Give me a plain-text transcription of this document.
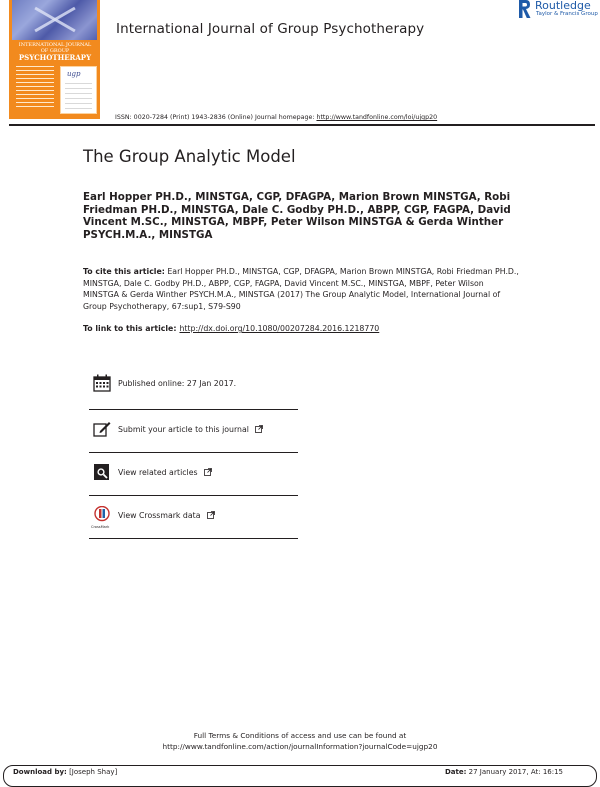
INTERNATIONAL JOURNAL OF GROUP
PSYCHOTHERAPY
ugp
International Journal of Group Psychotherapy
Routledge
Taylor & Francis Group
ISSN: 0020-7284 (Print) 1943-2836 (Online) Journal homepage: http://www.tandfonline.com/loi/ujgp20
The Group Analytic Model
Earl Hopper PH.D., MINSTGA, CGP, DFAGPA, Marion Brown MINSTGA, Robi Friedman PH.D., MINSTGA, Dale C. Godby PH.D., ABPP, CGP, FAGPA, David Vincent M.SC., MINSTGA, MBPF, Peter Wilson MINSTGA & Gerda Winther PSYCH.M.A., MINSTGA
To cite this article: Earl Hopper PH.D., MINSTGA, CGP, DFAGPA, Marion Brown MINSTGA, Robi Friedman PH.D., MINSTGA, Dale C. Godby PH.D., ABPP, CGP, FAGPA, David Vincent M.SC., MINSTGA, MBPF, Peter Wilson MINSTGA & Gerda Winther PSYCH.M.A., MINSTGA (2017) The Group Analytic Model, International Journal of Group Psychotherapy, 67:sup1, S79-S90
To link to this article: http://dx.doi.org/10.1080/00207284.2016.1218770
Published online: 27 Jan 2017.
Submit your article to this journal
View related articles
CrossMark
View Crossmark data
Full Terms & Conditions of access and use can be found at
http://www.tandfonline.com/action/journalInformation?journalCode=ujgp20
Download by: [Joseph Shay]	Date: 27 January 2017, At: 16:15
